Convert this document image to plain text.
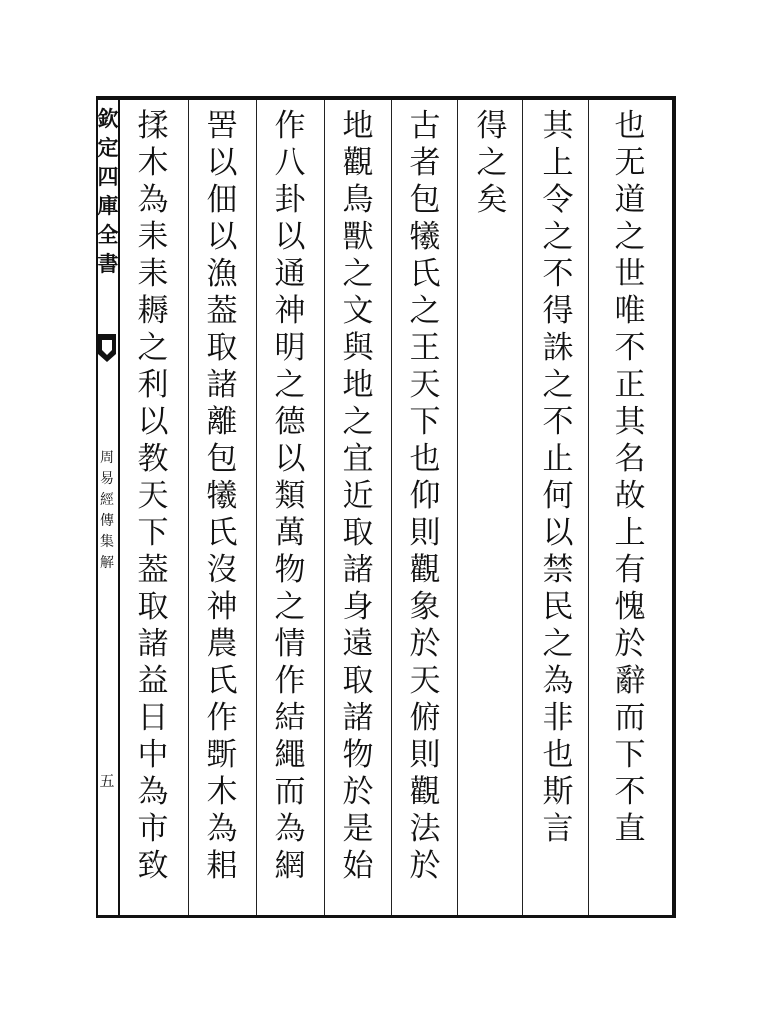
也无道之世唯不正其名故上有愧於辭而下不直
其上令之不得誅之不止何以禁民之為非也斯言
得之矣
古者包犧氏之王天下也仰則觀象於天俯則觀法於
地觀鳥獸之文與地之宜近取諸身遠取諸物於是始
作八卦以通神明之德以類萬物之情作結繩而為網
罟以佃以漁葢取諸離包犧氏沒神農氏作斲木為耜
揉木為耒耒耨之利以教天下葢取諸益日中為市致
欽定四庫全書
周易經傳集解
五
